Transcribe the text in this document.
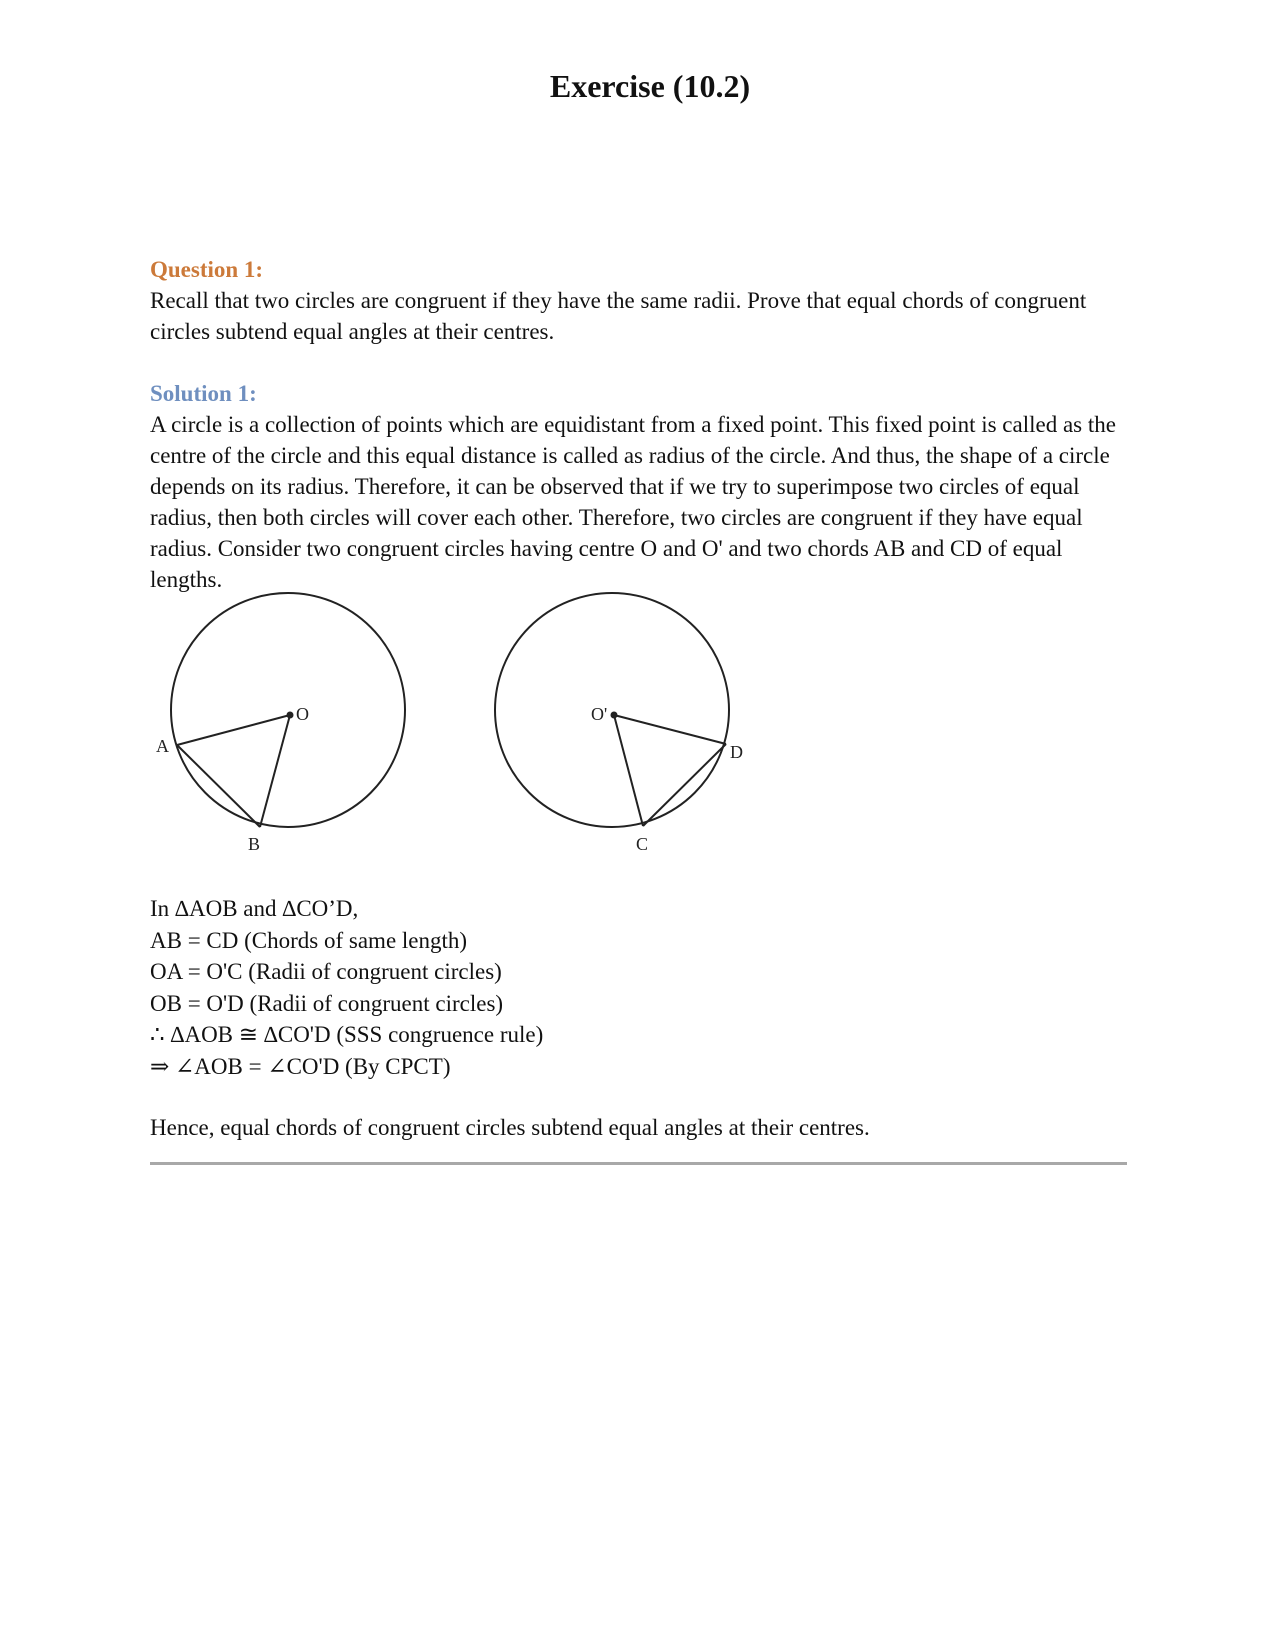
Exercise (10.2)
Question 1:
Recall that two circles are congruent if they have the same radii. Prove that equal chords of congruent circles subtend equal angles at their centres.
Solution 1:
A circle is a collection of points which are equidistant from a fixed point. This fixed point is called as the centre of the circle and this equal distance is called as radius of the circle. And thus, the shape of a circle depends on its radius. Therefore, it can be observed that if we try to superimpose two circles of equal radius, then both circles will cover each other. Therefore, two circles are congruent if they have equal radius. Consider two congruent circles having centre O and O' and two chords AB and CD of equal lengths.
O
A
B
O'
D
C
In ∆AOB and ∆CO’D,
AB = CD (Chords of same length)
OA = O'C (Radii of congruent circles)
OB = O'D (Radii of congruent circles)
∴ ∆AOB ≅ ∆CO'D (SSS congruence rule)
⇒ ∠AOB = ∠CO'D (By CPCT)
Hence, equal chords of congruent circles subtend equal angles at their centres.
